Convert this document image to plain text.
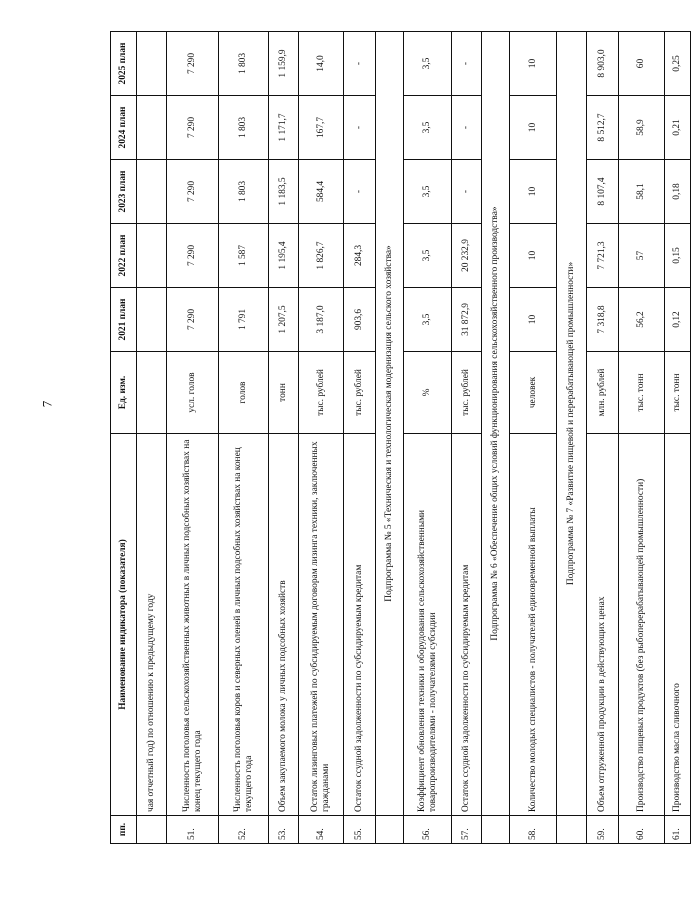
7
пп.	Наименование индикатора (показателя)	Ед. изм.	2021 план	2022 план	2023 план	2024 план	2025 план
	чая отчетный год) по отношению к предыдущему году						
51.	Численность поголовья сельскохозяйственных животных в личных подсобных хозяйствах на конец текущего года	усл. голов	7 290	7 290	7 290	7 290	7 290
52.	Численность поголовья коров и северных оленей в личных подсобных хозяйствах на конец текущего года	голов	1 791	1 587	1 803	1 803	1 803
53.	Объем закупаемого молока у личных подсобных хозяйств	тонн	1 207,5	1 195,4	1 183,5	1 171,7	1 159,9
54.	Остаток лизинговых платежей по субсидируемым договорам лизинга техники, заключенных гражданами	тыс. рублей	3 187,0	1 826,7	584,4	167,7	14,0
55.	Остаток ссудной задолженности по субсидируемым кредитам	тыс. рублей	903,6	284,3	-	-	-
	Подпрограмма № 5 «Техническая и технологическая модернизация сельского хозяйства»						
56.	Коэффициент обновления техники и оборудования сельскохозяйственными товаропроизводителями - получателями субсидии	%	3,5	3,5	3,5	3,5	3,5
57.	Остаток ссудной задолженности по субсидируемым кредитам	тыс. рублей	31 872,9	20 232,9	-	-	-
	Подпрограмма № 6 «Обеспечение общих условий функционирования сельскохозяйственного производства»						
58.	Количество молодых специалистов - получателей единовременной выплаты	человек	10	10	10	10	10
	Подпрограмма № 7 «Развитие пищевой и перерабатывающей промышленности»						
59.	Объем отгруженной продукции в действующих ценах	млн. рублей	7 318,8	7 721,3	8 107,4	8 512,7	8 903,0
60.	Производство пищевых продуктов (без рыбоперерабатывающей промышленности)	тыс. тонн	56,2	57	58,1	58,9	60
61.	Производство масла сливочного	тыс. тонн	0,12	0,15	0,18	0,21	0,25
